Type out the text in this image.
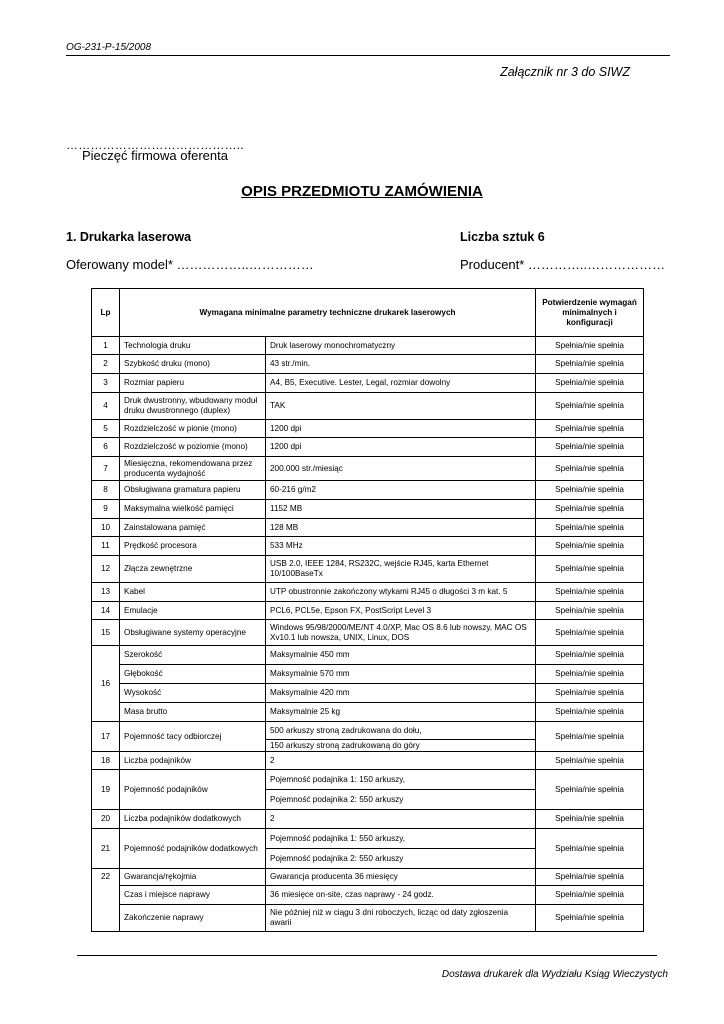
OG-231-P-15/2008
Załącznik nr 3 do SIWZ
……………………………………..
Pieczęć firmowa oferenta
OPIS PRZEDMIOTU ZAMÓWIENIA
1. Drukarka laserowa	Liczba sztuk 6
Oferowany model* ……………..……………	Producent* …………..………………
Lp	Wymagana minimalne parametry techniczne drukarek laserowych		Potwierdzenie wymagań minimalnych i konfiguracji
1	Technologia druku	Druk laserowy monochromatyczny	Spełnia/nie spełnia
2	Szybkość druku (mono)	43 str./min.	Spełnia/nie spełnia
3	Rozmiar papieru	A4, B5, Executive. Lester, Legal, rozmiar dowolny	Spełnia/nie spełnia
4	Druk dwustronny, wbudowany moduł druku dwustronnego (duplex)	TAK	Spełnia/nie spełnia
5	Rozdzielczość w pionie (mono)	1200 dpi	Spełnia/nie spełnia
6	Rozdzielczość w poziomie (mono)	1200 dpi	Spełnia/nie spełnia
7	Miesięczna, rekomendowana przez producenta wydajność	200.000 str./miesiąc	Spełnia/nie spełnia
8	Obsługiwana gramatura papieru	60-216 g/m2	Spełnia/nie spełnia
9	Maksymalna wielkość pamięci	1152 MB	Spełnia/nie spełnia
10	Zainstalowana pamięć	128 MB	Spełnia/nie spełnia
11	Prędkość procesora	533 MHz	Spełnia/nie spełnia
12	Złącza zewnętrzne	USB 2.0, IEEE 1284, RS232C, wejście RJ45, karta Ethernet 10/100BaseTx	Spełnia/nie spełnia
13	Kabel	UTP obustronnie zakończony wtykami RJ45 o długości 3 m kat. 5	Spełnia/nie spełnia
14	Emulacje	PCL6, PCL5e, Epson FX, PostScript Level 3	Spełnia/nie spełnia
15	Obsługiwane systemy operacyjne	Windows 95/98/2000/ME/NT 4.0/XP, Mac OS 8.6 lub nowszy, MAC OS Xv10.1 lub nowsza, UNIX, Linux, DOS	Spełnia/nie spełnia
16	Szerokość	Maksymalnie 450 mm	Spełnia/nie spełnia
	Głębokość	Maksymalnie 570 mm	Spełnia/nie spełnia
	Wysokość	Maksymalnie 420 mm	Spełnia/nie spełnia
	Masa brutto	Maksymalnie 25 kg	Spełnia/nie spełnia
17	Pojemność tacy odbiorczej	500 arkuszy stroną zadrukowana do dołu,	Spełnia/nie spełnia
		150 arkuszy stroną zadrukowaną do góry	
18	Liczba podajników	2	Spełnia/nie spełnia
19	Pojemność podajników	Pojemność podajnika 1: 150 arkuszy,	Spełnia/nie spełnia
		Pojemność podajnika 2: 550 arkuszy	
20	Liczba podajników dodatkowych	2	Spełnia/nie spełnia
21	Pojemność podajników dodatkowych	Pojemność podajnika 1: 550 arkuszy,	Spełnia/nie spełnia
		Pojemność podajnika 2: 550 arkuszy	
22	Gwarancja/rękojmia	Gwarancja producenta 36 miesięcy	Spełnia/nie spełnia
	Czas i miejsce naprawy	36 miesięce on-site, czas naprawy - 24 godz.	Spełnia/nie spełnia
	Zakończenie naprawy	Nie później niż w ciągu 3 dni roboczych, licząc od daty zgłoszenia awarii	Spełnia/nie spełnia
Dostawa drukarek dla Wydziału Ksiąg Wieczystych
